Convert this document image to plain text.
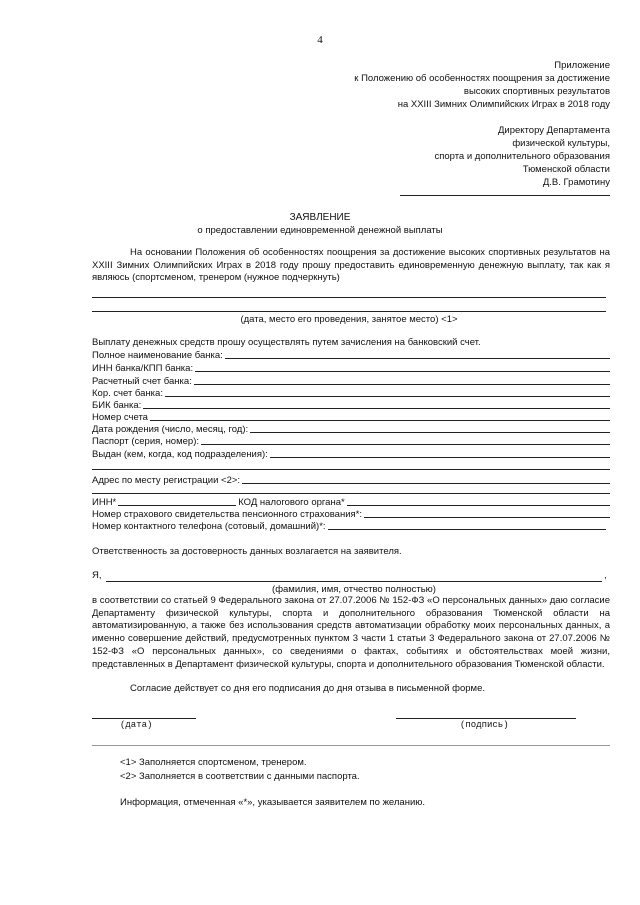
4
Приложение
к Положению об особенностях поощрения за достижение
высоких спортивных результатов
на XXIII Зимних Олимпийских Играх в 2018 году
Директору Департамента
физической культуры,
спорта и дополнительного образования
Тюменской области
Д.В. Грамотину
ЗАЯВЛЕНИЕ
о предоставлении единовременной денежной выплаты
На основании Положения об особенностях поощрения за достижение высоких спортивных результатов на XXIII Зимних Олимпийских Играх в 2018 году прошу предоставить единовременную денежную выплату, так как я являюсь (спортсменом, тренером (нужное подчеркнуть)
(дата, место его проведения, занятое место) <1>
Выплату денежных средств прошу осуществлять путем зачисления на банковский счет.
Полное наименование банка:
ИНН банка/КПП банка:
Расчетный счет банка:
Кор. счет банка:
БИК банка:
Номер счета
Дата рождения (число, месяц, год):
Паспорт (серия, номер):
Выдан (кем, когда, код подразделения):
Адрес по месту регистрации <2>:
ИНН*	КОД налогового органа*
Номер страхового свидетельства пенсионного страхования*:
Номер контактного телефона (сотовый, домашний)*:
Ответственность за достоверность данных возлагается на заявителя.
Я,	,
(фамилия, имя, отчество полностью)
в соответствии со статьей 9 Федерального закона от 27.07.2006 № 152-ФЗ «О персональных данных» даю согласие Департаменту физической культуры, спорта и дополнительного образования Тюменской области на автоматизированную, а также без использования средств автоматизации обработку моих персональных данных, а именно совершение действий, предусмотренных пунктом 3 части 1 статьи 3 Федерального закона от 27.07.2006 № 152-ФЗ «О персональных данных», со сведениями о фактах, событиях и обстоятельствах моей жизни, представленных в Департамент физической культуры, спорта и дополнительного образования Тюменской области.
Согласие действует со дня его подписания до дня отзыва в письменной форме.
(дата)	(подпись)
<1> Заполняется спортсменом, тренером.
<2> Заполняется в соответствии с данными паспорта.
Информация, отмеченная «*», указывается заявителем по желанию.
